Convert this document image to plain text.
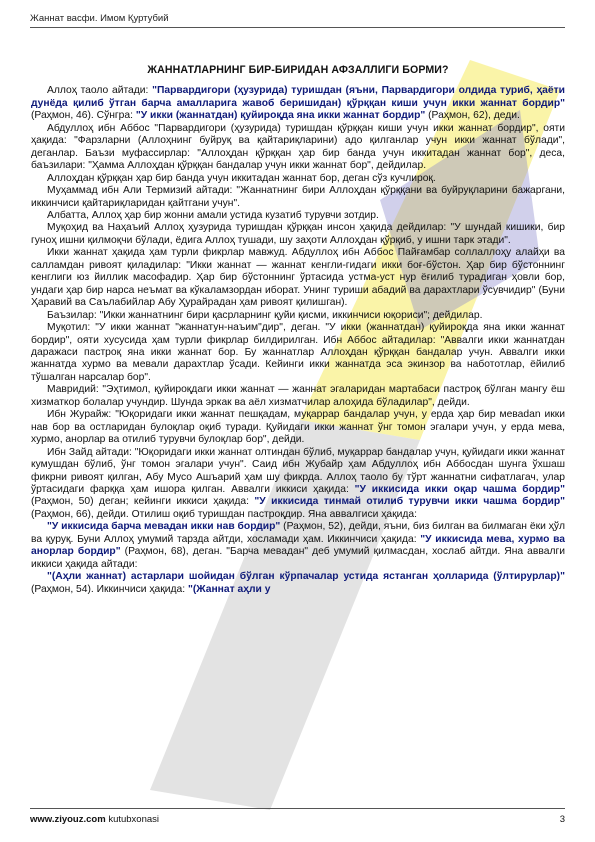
Жаннат васфи. Имом Қуртубий
ЖАННАТЛАРНИНГ БИР-БИРИДАН АФЗАЛЛИГИ БОРМИ?

Аллоҳ таоло айтади: "Парвардигори (ҳузурида) туришдан (яъни, Парвардигори олдида туриб, ҳаёти дунёда қилиб ўтган барча амалларига жавоб беришидан) қўрққан киши учун икки жаннат бордир" (Раҳмон, 46). Сўнгра: "У икки (жаннатдан) қуйироқда яна икки жаннат бордир" (Раҳмон, 62), деди.

Абдуллоҳ ибн Аббос "Парвардигори (ҳузурида) туришдан қўрққан киши учун икки жаннат бордир", ояти ҳақида: "Фарзларни (Аллоҳнинг буйруқ ва қайтариқларини) адо қилганлар учун икки жаннат бўлади", деганлар. Баъзи муфассирлар: "Аллоҳдан қўрққан ҳар бир банда учун иккитадан жаннат бор", деса, баъзилари: "Ҳамма Аллоҳдан қўрққан бандалар учун икки жаннат бор", дейдилар.

Аллоҳдан қўрққан ҳар бир банда учун иккитадан жаннат бор, деган сўз кучлироқ.

Муҳаммад ибн Али Термизий айтади: "Жаннатнинг бири Аллоҳдан қўрққани ва буйруқларини бажаргани, иккинчиси қайтариқларидан қайтгани учун".

Албатта, Аллоҳ ҳар бир жонни амали устида кузатиб турувчи зотдир.

Муқоҳид ва Наҳаъий Аллоҳ ҳузурида туришдан қўрққан инсон ҳақида дейдилар: "У шундай кишики, бир гуноҳ ишни қилмоқчи бўлади, ёдига Аллоҳ тушади, шу заҳоти Аллоҳдан қўрқиб, у ишни тарк этади".

Икки жаннат ҳақида ҳам турли фикрлар мавжуд. Абдуллоҳ ибн Аббос Пайғамбар соллаллоҳу алайҳи ва салламдан ривоят қиладилар: "Икки жаннат — жаннат кенгли-гидаги икки боғ-бўстон. Ҳар бир бўстоннинг кенглиги юз йиллик масофадир. Ҳар бир бўстоннинг ўртасида устма-уст нур ёғилиб турадиган ҳовли бор, ундаги ҳар бир нарса неъмат ва кўкаламзордан иборат. Унинг туриши абадий ва дарахтлари ўсувчидир" (Буни Ҳаравий ва Саълабийлар Абу Ҳурайрадан ҳам ривоят қилишган).

Баъзилар: "Икки жаннатнинг бири қасрларнинг қуйи қисми, иккинчиси юқориси"; дейдилар.

Муқотил: "У икки жаннат "жаннатун-наъим"дир", деган. "У икки (жаннатдан) қуйироқда яна икки жаннат бордир", ояти хусусида ҳам турли фикрлар билдирилган. Ибн Аббос айтадилар: "Аввалги икки жаннатдан даражаси пастроқ яна икки жаннат бор. Бу жаннатлар Аллоҳдан қўрққан бандалар учун. Аввалги икки жаннатда хурмо ва мевали дарахтлар ўсади. Кейинги икки жаннатда эса экинзор ва набототлар, ёйилиб тўшалган нарсалар бор".

Мавридий: "Эҳтимол, қуйироқдаги икки жаннат — жаннат эгаларидан мартабаси пастроқ бўлган мангу ёш хизматкор болалар учундир. Шунда эркак ва аёл хизматчилар алоҳида бўладилар", дейди.

Ибн Журайж: "Юқоридаги икки жаннат пешқадам, муқаррар бандалар учун, у ерда ҳар бир меваdan икки нав бор ва остларидан булоқлар оқиб туради. Қуйидаги икки жаннат ўнг томон эгалари учун, у ерда мева, хурмо, анорлар ва отилиб турувчи булоқлар бор", дейди.

Ибн Зайд айтади: "Юқоридаги икки жаннат олтиндан бўлиб, муқаррар бандалар учун, қуйидаги икки жаннат кумушдан бўлиб, ўнг томон эгалари учун". Саид ибн Жубайр ҳам Абдуллоҳ ибн Аббосдан шунга ўхшаш фикрни ривоят қилган, Абу Мусо Ашъарий ҳам шу фикрда. Аллоҳ таоло бу тўрт жаннатни сифатлагач, улар ўртасидаги фарққа ҳам ишора қилган. Аввалги иккиси ҳақида: "У иккисида икки оқар чашма бордир" (Раҳмон, 50) деган; кейинги иккиси ҳақида: "У иккисида тинмай отилиб турувчи икки чашма бордир" (Раҳмон, 66), дейди. Отилиш оқиб туришдан пастроқдир. Яна аввалгиси ҳақида:

"У иккисида барча мевадан икки нав бордир" (Раҳмон, 52), дейди, яъни, биз билган ва билмаган ёки ҳўл ва қуруқ. Буни Аллоҳ умумий тарзда айтди, хосламади ҳам. Иккинчиси ҳақида: "У иккисида мева, хурмо ва анорлар бордир" (Раҳмон, 68), деган. "Барча мевадан" деб умумий қилмасдан, хослаб айтди. Яна аввалги иккиси ҳақида айтади:

"(Аҳли жаннат) астарлари шойидан бўлган кўрпачалар устида ястанган ҳолларида (ўлтирурлар)" (Раҳмон, 54). Иккинчиси ҳақида: "(Жаннат аҳли у

www.ziyouz.com kutubxonasi	3
